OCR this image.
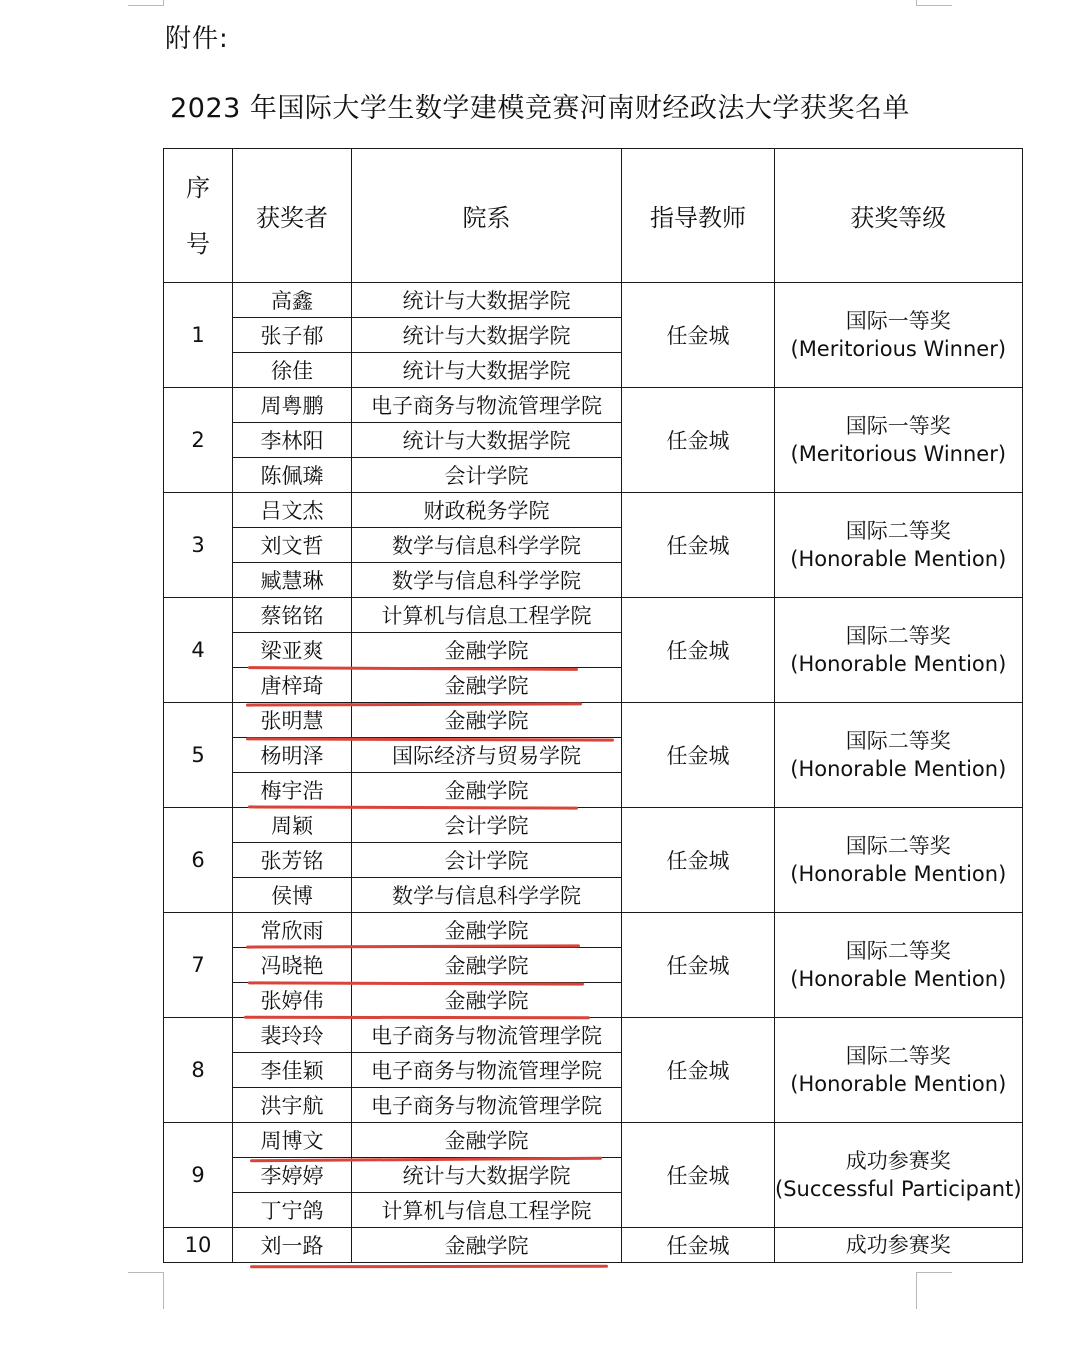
附件:
2023 年国际大学生数学建模竞赛河南财经政法大学获奖名单
序
号	获奖者	院系	指导教师	获奖等级
1	高鑫	统计与大数据学院	任金城	国际一等奖
(Meritorious Winner)
	张子郁	统计与大数据学院		
	徐佳	统计与大数据学院		
2	周粤鹏	电子商务与物流管理学院	任金城	国际一等奖
(Meritorious Winner)
	李林阳	统计与大数据学院		
	陈佩璘	会计学院		
3	吕文杰	财政税务学院	任金城	国际二等奖
(Honorable Mention)
	刘文哲	数学与信息科学学院		
	臧慧琳	数学与信息科学学院		
4	蔡铭铭	计算机与信息工程学院	任金城	国际二等奖
(Honorable Mention)
	梁亚爽	金融学院		
	唐梓琦	金融学院		
5	张明慧	金融学院	任金城	国际二等奖
(Honorable Mention)
	杨明泽	国际经济与贸易学院		
	梅宇浩	金融学院		
6	周颖	会计学院	任金城	国际二等奖
(Honorable Mention)
	张芳铭	会计学院		
	侯博	数学与信息科学学院		
7	常欣雨	金融学院	任金城	国际二等奖
(Honorable Mention)
	冯晓艳	金融学院		
	张婷伟	金融学院		
8	裴玲玲	电子商务与物流管理学院	任金城	国际二等奖
(Honorable Mention)
	李佳颖	电子商务与物流管理学院		
	洪宇航	电子商务与物流管理学院		
9	周博文	金融学院	任金城	成功参赛奖
(Successful Participant)
	李婷婷	统计与大数据学院		
	丁宁鸽	计算机与信息工程学院		
10	刘一路	金融学院	任金城	成功参赛奖
